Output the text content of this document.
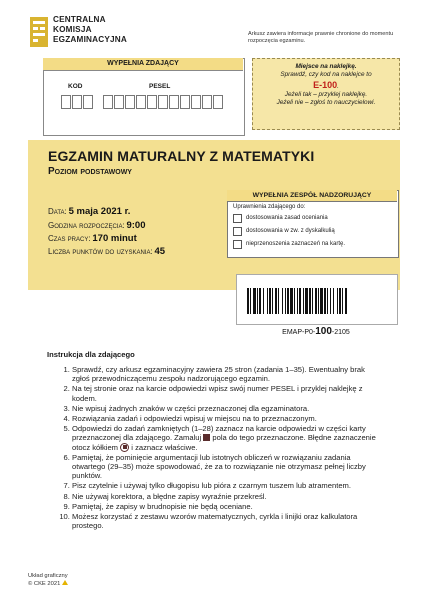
CENTRALNA
KOMISJA
EGZAMINACYJNA
Arkusz zawiera informacje prawnie chronione do momentu rozpoczęcia egzaminu.
WYPEŁNIA ZDAJĄCY
KOD	PESEL
Miejsce na naklejkę.
Sprawdź, czy kod na naklejce to
E-100.
Jeżeli tak – przyklej naklejkę.
Jeżeli nie – zgłoś to nauczycielowi.
EGZAMIN MATURALNY Z MATEMATYKI
Poziom podstawowy
Data: 5 maja 2021 r.
Godzina rozpoczęcia: 9:00
Czas pracy: 170 minut
Liczba punktów do uzyskania: 45
WYPEŁNIA ZESPÓŁ NADZORUJĄCY
Uprawnienia zdającego do:
dostosowania zasad oceniania
dostosowania w zw. z dyskalkulią
nieprzenoszenia zaznaczeń na kartę.
EMAP-P0-100-2105
Instrukcja dla zdającego
1. Sprawdź, czy arkusz egzaminacyjny zawiera 25 stron (zadania 1–35). Ewentualny brak zgłoś przewodniczącemu zespołu nadzorującego egzamin.
2. Na tej stronie oraz na karcie odpowiedzi wpisz swój numer PESEL i przyklej naklejkę z kodem.
3. Nie wpisuj żadnych znaków w części przeznaczonej dla egzaminatora.
4. Rozwiązania zadań i odpowiedzi wpisuj w miejscu na to przeznaczonym.
5. Odpowiedzi do zadań zamkniętych (1–28) zaznacz na karcie odpowiedzi w części karty przeznaczonej dla zdającego. Zamaluj pola do tego przeznaczone. Błędne zaznaczenie otocz kółkiem i zaznacz właściwe.
6. Pamiętaj, że pominięcie argumentacji lub istotnych obliczeń w rozwiązaniu zadania otwartego (29–35) może spowodować, że za to rozwiązanie nie otrzymasz pełnej liczby punktów.
7. Pisz czytelnie i używaj tylko długopisu lub pióra z czarnym tuszem lub atramentem.
8. Nie używaj korektora, a błędne zapisy wyraźnie przekreśl.
9. Pamiętaj, że zapisy w brudnopisie nie będą oceniane.
10. Możesz korzystać z zestawu wzorów matematycznych, cyrkla i linijki oraz kalkulatora prostego.
Układ graficzny
© CKE 2021
